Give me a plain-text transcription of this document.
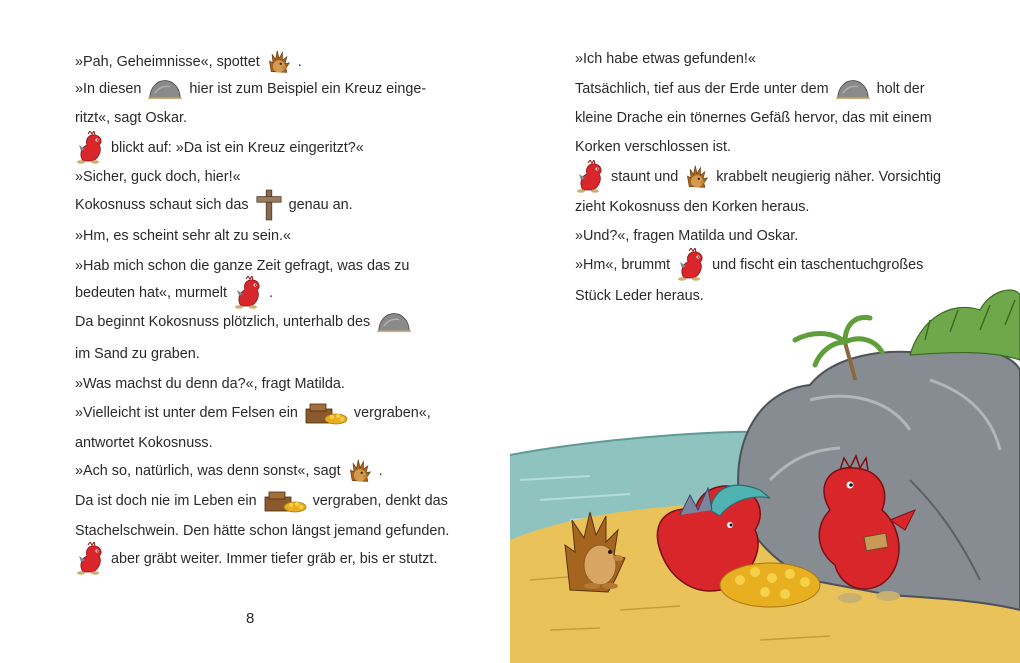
»Pah, Geheimnisse«, spottet	.
»In diesen	hier ist zum Beispiel ein Kreuz einge-
ritzt«, sagt Oskar.
blickt auf: »Da ist ein Kreuz eingeritzt?«
»Sicher, guck doch, hier!«
Kokosnuss schaut sich das	genau an.
»Hm, es scheint sehr alt zu sein.«
»Hab mich schon die ganze Zeit gefragt, was das zu
bedeuten hat«, murmelt	.
Da beginnt Kokosnuss plötzlich, unterhalb des
im Sand zu graben.
»Was machst du denn da?«, fragt Matilda.
»Vielleicht ist unter dem Felsen ein	vergraben«,
antwortet Kokosnuss.
»Ach so, natürlich, was denn sonst«, sagt	.
Da ist doch nie im Leben ein	vergraben, denkt das
Stachelschwein. Den hätte schon längst jemand gefunden.
aber gräbt weiter. Immer tiefer gräb er, bis er stutzt.
8
»Ich habe etwas gefunden!«
Tatsächlich, tief aus der Erde unter dem	holt der
kleine Drache ein tönernes Gefäß hervor, das mit einem
Korken verschlossen ist.
staunt und	krabbelt neugierig näher. Vorsichtig
zieht Kokosnuss den Korken heraus.
»Und?«, fragen Matilda und Oskar.
»Hm«, brummt	und fischt ein taschentuchgroßes
Stück Leder heraus.
